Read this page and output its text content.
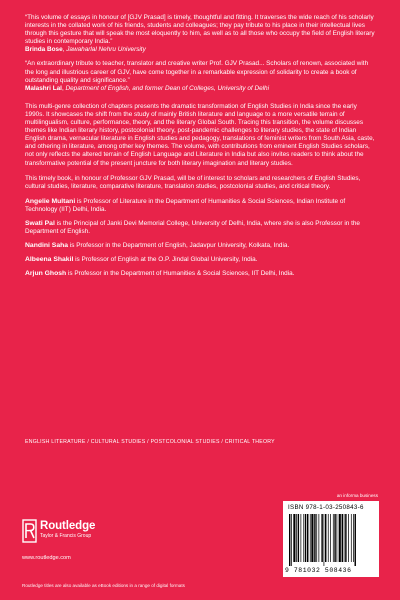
“This volume of essays in honour of [GJV Prasad] is timely, thoughtful and fitting. It traverses the wide reach of his scholarly interests in the collated work of his friends, students and colleagues; they pay tribute to his place in their intellectual lives through this gesture that will speak the most eloquently to him, as well as to all those who occupy the field of English literary studies in contemporary India.”

Brinda Bose, Jawaharlal Nehru University

“An extraordinary tribute to teacher, translator and creative writer Prof. GJV Prasad... Scholars of renown, associated with the long and illustrious career of GJV, have come together in a remarkable expression of solidarity to create a book of outstanding quality and significance.”

Malashri Lal, Department of English, and former Dean of Colleges, University of Delhi

This multi-genre collection of chapters presents the dramatic transformation of English Studies in India since the early 1990s. It showcases the shift from the study of mainly British literature and language to a more versatile terrain of multilingualism, culture, performance, theory, and the literary Global South. Tracing this transition, the volume discusses themes like Indian literary history, postcolonial theory, post-pandemic challenges to literary studies, the state of Indian English drama, vernacular literature in English studies and pedagogy, translations of feminist writers from South Asia, caste, and othering in literature, among other key themes. The volume, with contributions from eminent English Studies scholars, not only reflects the altered terrain of English Language and Literature in India but also invites readers to think about the transformative potential of the present juncture for both literary imagination and literary studies.

This timely book, in honour of Professor GJV Prasad, will be of interest to scholars and researchers of English Studies, cultural studies, literature, comparative literature, translation studies, postcolonial studies, and critical theory.

Angelie Multani is Professor of Literature in the Department of Humanities & Social Sciences, Indian Institute of Technology (IIT) Delhi, India.
Swati Pal is the Principal of Janki Devi Memorial College, University of Delhi, India, where she is also Professor in the Department of English.
Nandini Saha is Professor in the Department of English, Jadavpur University, Kolkata, India.
Albeena Shakil is Professor of English at the O.P. Jindal Global University, India.
Arjun Ghosh is Professor in the Department of Humanities & Social Sciences, IIT Delhi, India.
ENGLISH LITERATURE / CULTURAL STUDIES / POSTCOLONIAL STUDIES / CRITICAL THEORY
an informa business
Routledge
Taylor & Francis Group
www.routledge.com
Routledge titles are also available as eBook editions in a range of digital formats
ISBN 978-1-03-250843-6
9 781032 508436
